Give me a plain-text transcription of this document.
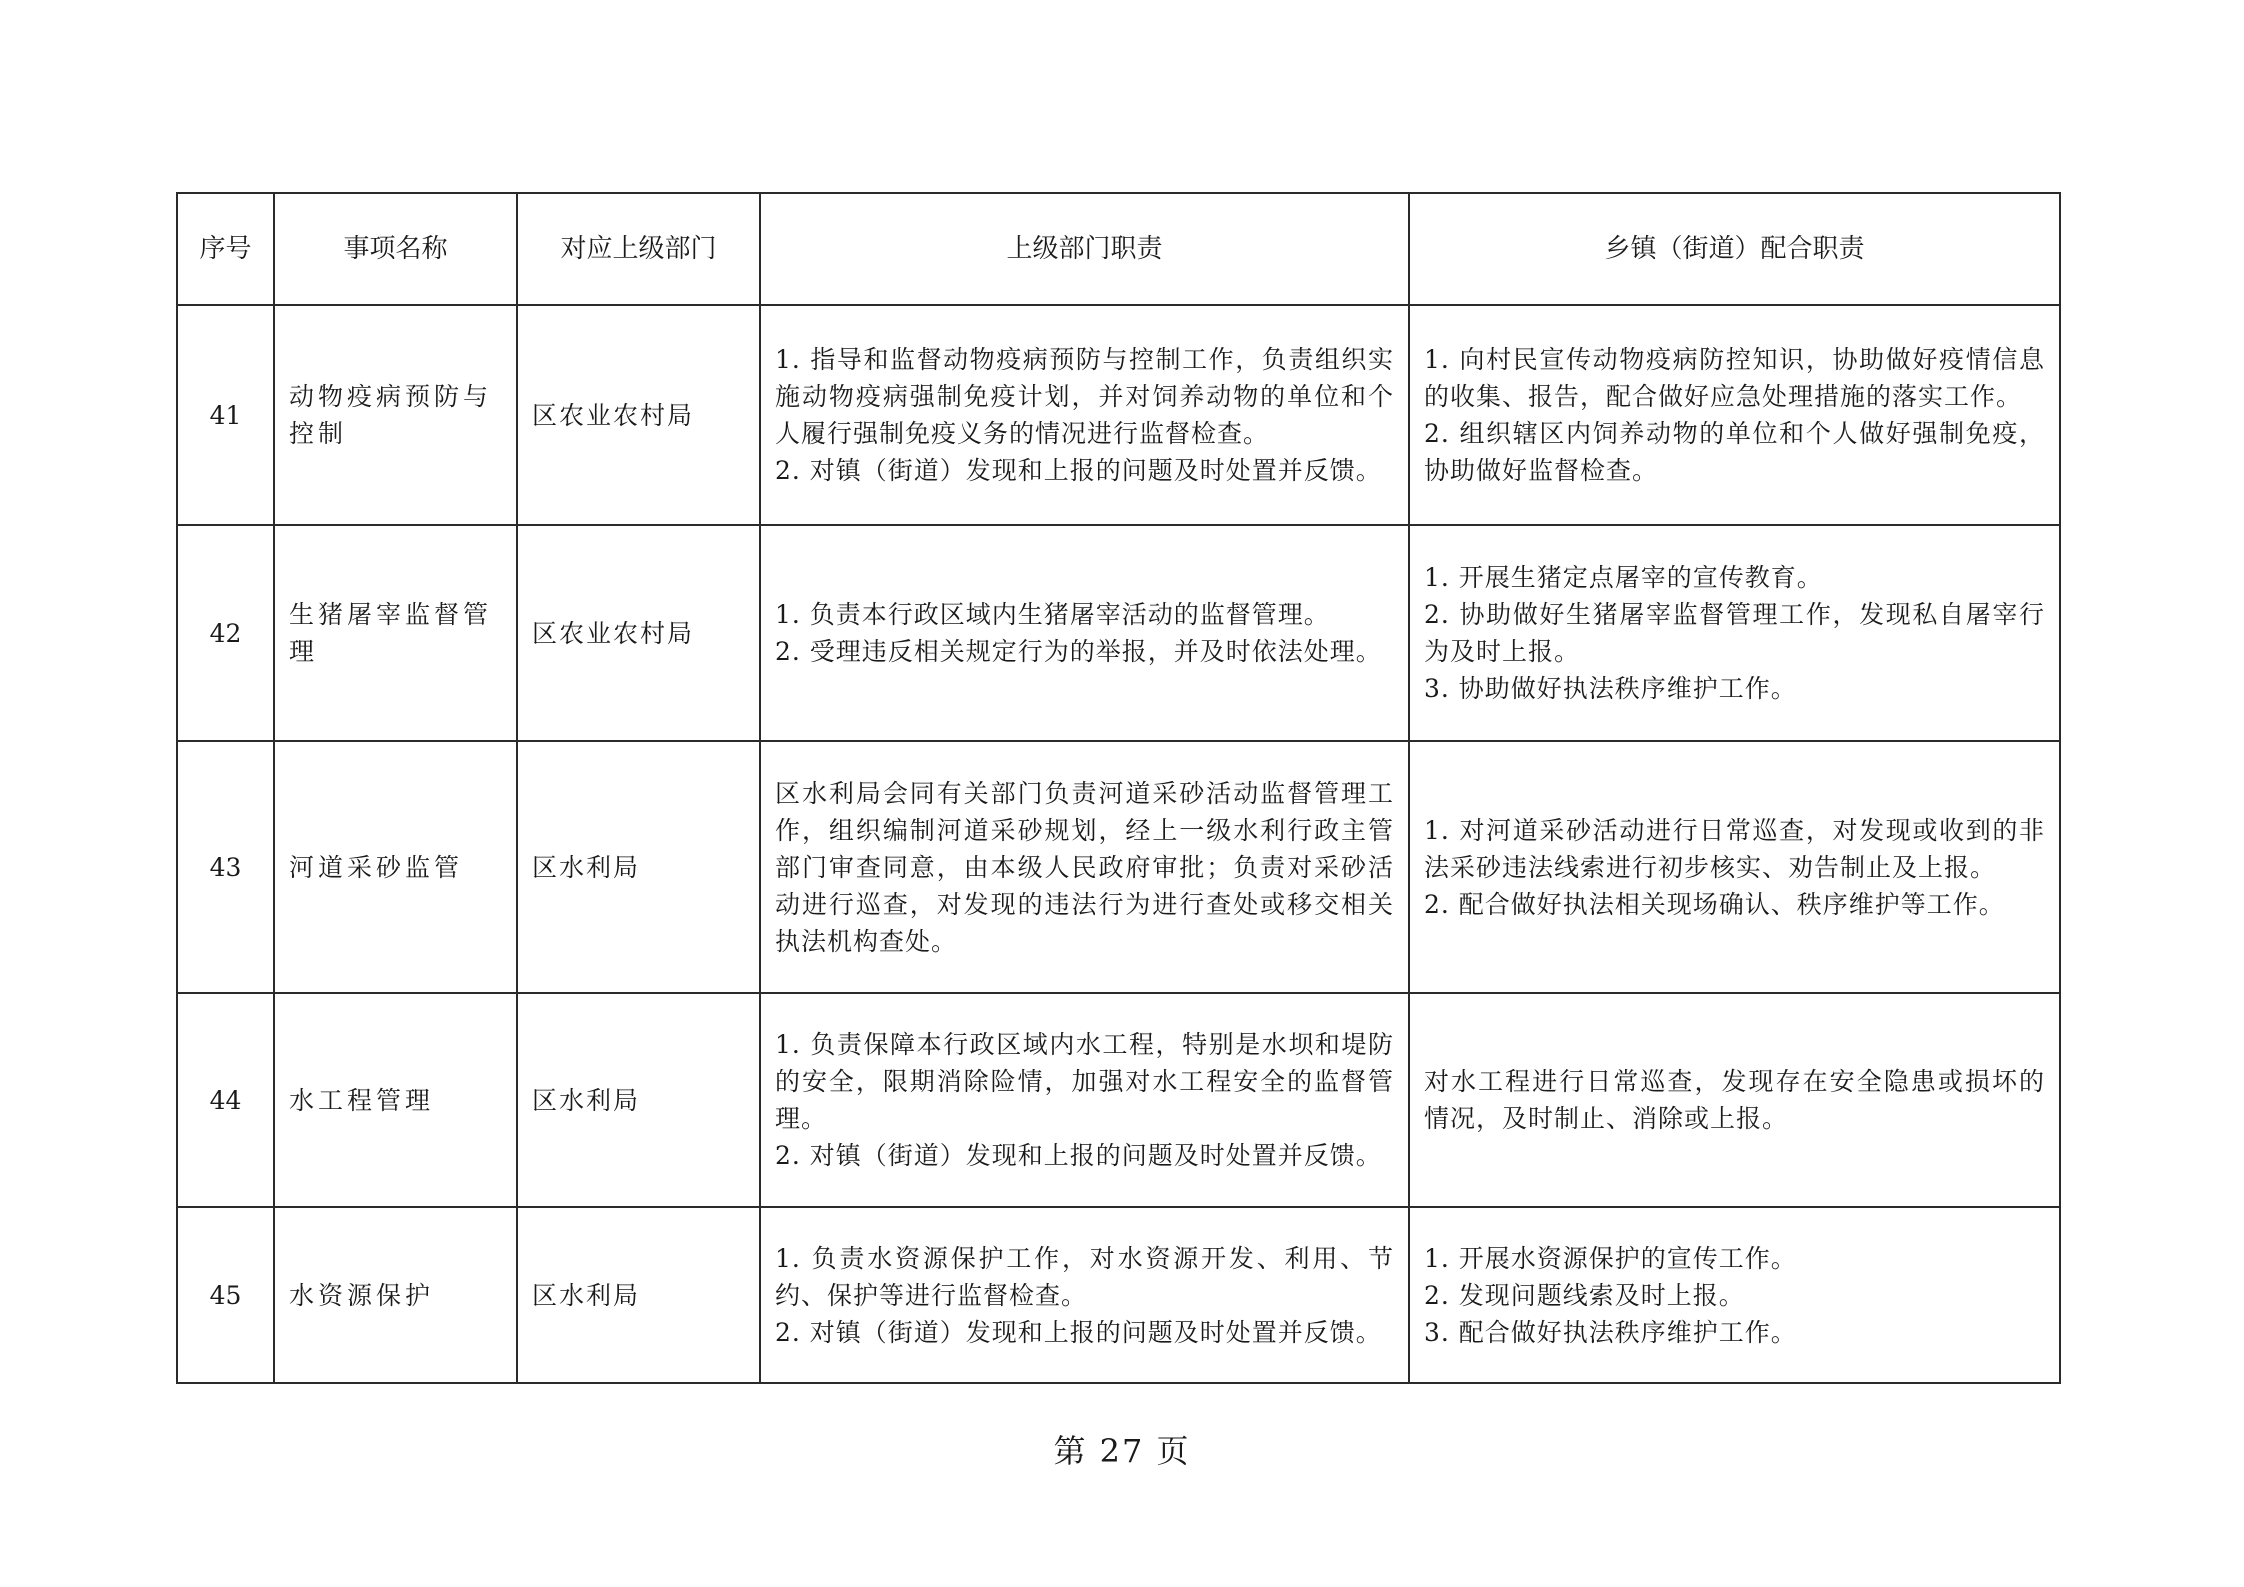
序号	事项名称	对应上级部门	上级部门职责	乡镇（街道）配合职责
41	动物疫病预防与控制	区农业农村局	1. 指导和监督动物疫病预防与控制工作，负责组织实施动物疫病强制免疫计划，并对饲养动物的单位和个人履行强制免疫义务的情况进行监督检查。
2. 对镇（街道）发现和上报的问题及时处置并反馈。	1. 向村民宣传动物疫病防控知识，协助做好疫情信息的收集、报告，配合做好应急处理措施的落实工作。
2. 组织辖区内饲养动物的单位和个人做好强制免疫，协助做好监督检查。

42	生猪屠宰监督管理	区农业农村局	1. 负责本行政区域内生猪屠宰活动的监督管理。
2. 受理违反相关规定行为的举报，并及时依法处理。	1. 开展生猪定点屠宰的宣传教育。
2. 协助做好生猪屠宰监督管理工作，发现私自屠宰行为及时上报。
3. 协助做好执法秩序维护工作。

43	河道采砂监管	区水利局	区水利局会同有关部门负责河道采砂活动监督管理工作，组织编制河道采砂规划，经上一级水利行政主管部门审查同意，由本级人民政府审批；负责对采砂活动进行巡查，对发现的违法行为进行查处或移交相关执法机构查处。	1. 对河道采砂活动进行日常巡查，对发现或收到的非法采砂违法线索进行初步核实、劝告制止及上报。
2. 配合做好执法相关现场确认、秩序维护等工作。

44	水工程管理	区水利局	1. 负责保障本行政区域内水工程，特别是水坝和堤防的安全，限期消除险情，加强对水工程安全的监督管理。
2. 对镇（街道）发现和上报的问题及时处置并反馈。	对水工程进行日常巡查，发现存在安全隐患或损坏的情况，及时制止、消除或上报。

45	水资源保护	区水利局	1. 负责水资源保护工作，对水资源开发、利用、节约、保护等进行监督检查。
2. 对镇（街道）发现和上报的问题及时处置并反馈。	1. 开展水资源保护的宣传工作。
2. 发现问题线索及时上报。
3. 配合做好执法秩序维护工作。
第 27 页
